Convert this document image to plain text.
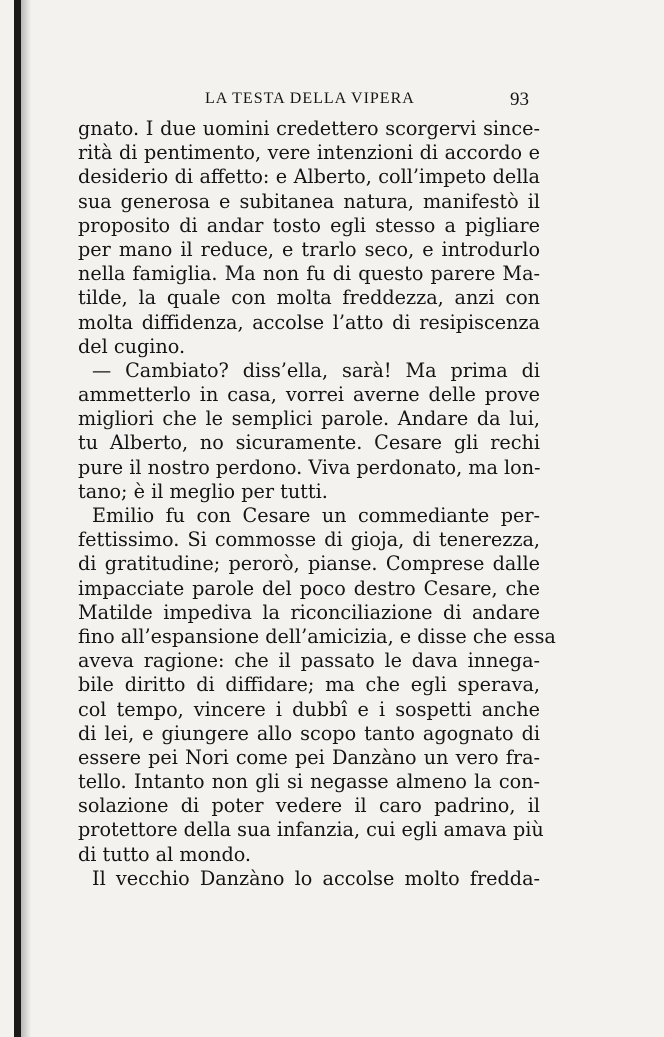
LA TESTA DELLA VIPERA	93
gnato. I due uomini credettero scorgervi since-
rità di pentimento, vere intenzioni di accordo e
desiderio di affetto: e Alberto, coll’impeto della
sua generosa e subitanea natura, manifestò il
proposito di andar tosto egli stesso a pigliare
per mano il reduce, e trarlo seco, e introdurlo
nella famiglia. Ma non fu di questo parere Ma-
tilde, la quale con molta freddezza, anzi con
molta diffidenza, accolse l’atto di resipiscenza
del cugino.
— Cambiato? diss’ella, sarà! Ma prima di
ammetterlo in casa, vorrei averne delle prove
migliori che le semplici parole. Andare da lui,
tu Alberto, no sicuramente. Cesare gli rechi
pure il nostro perdono. Viva perdonato, ma lon-
tano; è il meglio per tutti.
Emilio fu con Cesare un commediante per-
fettissimo. Si commosse di gioja, di tenerezza,
di gratitudine; perorò, pianse. Comprese dalle
impacciate parole del poco destro Cesare, che
Matilde impediva la riconciliazione di andare
fino all’espansione dell’amicizia, e disse che essa
aveva ragione: che il passato le dava innega-
bile diritto di diffidare; ma che egli sperava,
col tempo, vincere i dubbî e i sospetti anche
di lei, e giungere allo scopo tanto agognato di
essere pei Nori come pei Danzàno un vero fra-
tello. Intanto non gli si negasse almeno la con-
solazione di poter vedere il caro padrino, il
protettore della sua infanzia, cui egli amava più
di tutto al mondo.
Il vecchio Danzàno lo accolse molto fredda-
